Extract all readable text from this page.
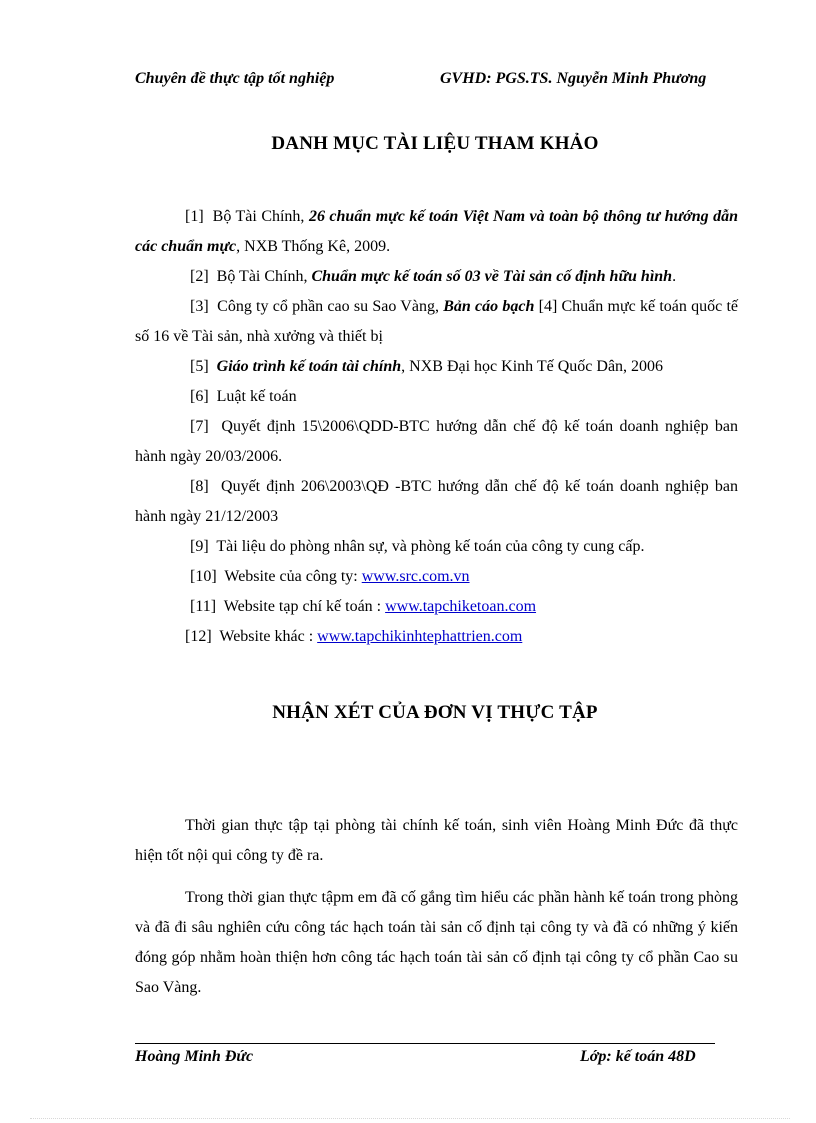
Chuyên đề thực tập tốt nghiệp	GVHD: PGS.TS. Nguyễn Minh Phương
DANH MỤC TÀI LIỆU THAM KHẢO

[1] Bộ Tài Chính, 26 chuẩn mực kế toán Việt Nam và toàn bộ thông tư hướng dẫn các chuẩn mực, NXB Thống Kê, 2009.

[2] Bộ Tài Chính, Chuẩn mực kế toán số 03 về Tài sản cố định hữu hình.

[3] Công ty cổ phần cao su Sao Vàng, Bản cáo bạch [4] Chuẩn mực kế toán quốc tế số 16 về Tài sản, nhà xưởng và thiết bị

[5] Giáo trình kế toán tài chính, NXB Đại học Kinh Tế Quốc Dân, 2006

[6] Luật kế toán

[7] Quyết định 15\2006\QDD-BTC hướng dẫn chế độ kế toán doanh nghiệp ban hành ngày 20/03/2006.

[8] Quyết định 206\2003\QĐ -BTC hướng dẫn chế độ kế toán doanh nghiệp ban hành ngày 21/12/2003

[9] Tài liệu do phòng nhân sự, và phòng kế toán của công ty cung cấp.

[10] Website của công ty: www.src.com.vn

[11] Website tạp chí kế toán : www.tapchiketoan.com

[12] Website khác : www.tapchikinhtephattrien.com

NHẬN XÉT CỦA ĐƠN VỊ THỰC TẬP

Thời gian thực tập tại phòng tài chính kế toán, sinh viên Hoàng Minh Đức đã thực hiện tốt nội qui công ty đề ra.

Trong thời gian thực tậpm em đã cố gắng tìm hiểu các phần hành kế toán trong phòng và đã đi sâu nghiên cứu công tác hạch toán tài sản cố định tại công ty và đã có những ý kiến đóng góp nhằm hoàn thiện hơn công tác hạch toán tài sản cố định tại công ty cổ phần Cao su Sao Vàng.

Hoàng Minh Đức	Lớp: kế toán 48D
